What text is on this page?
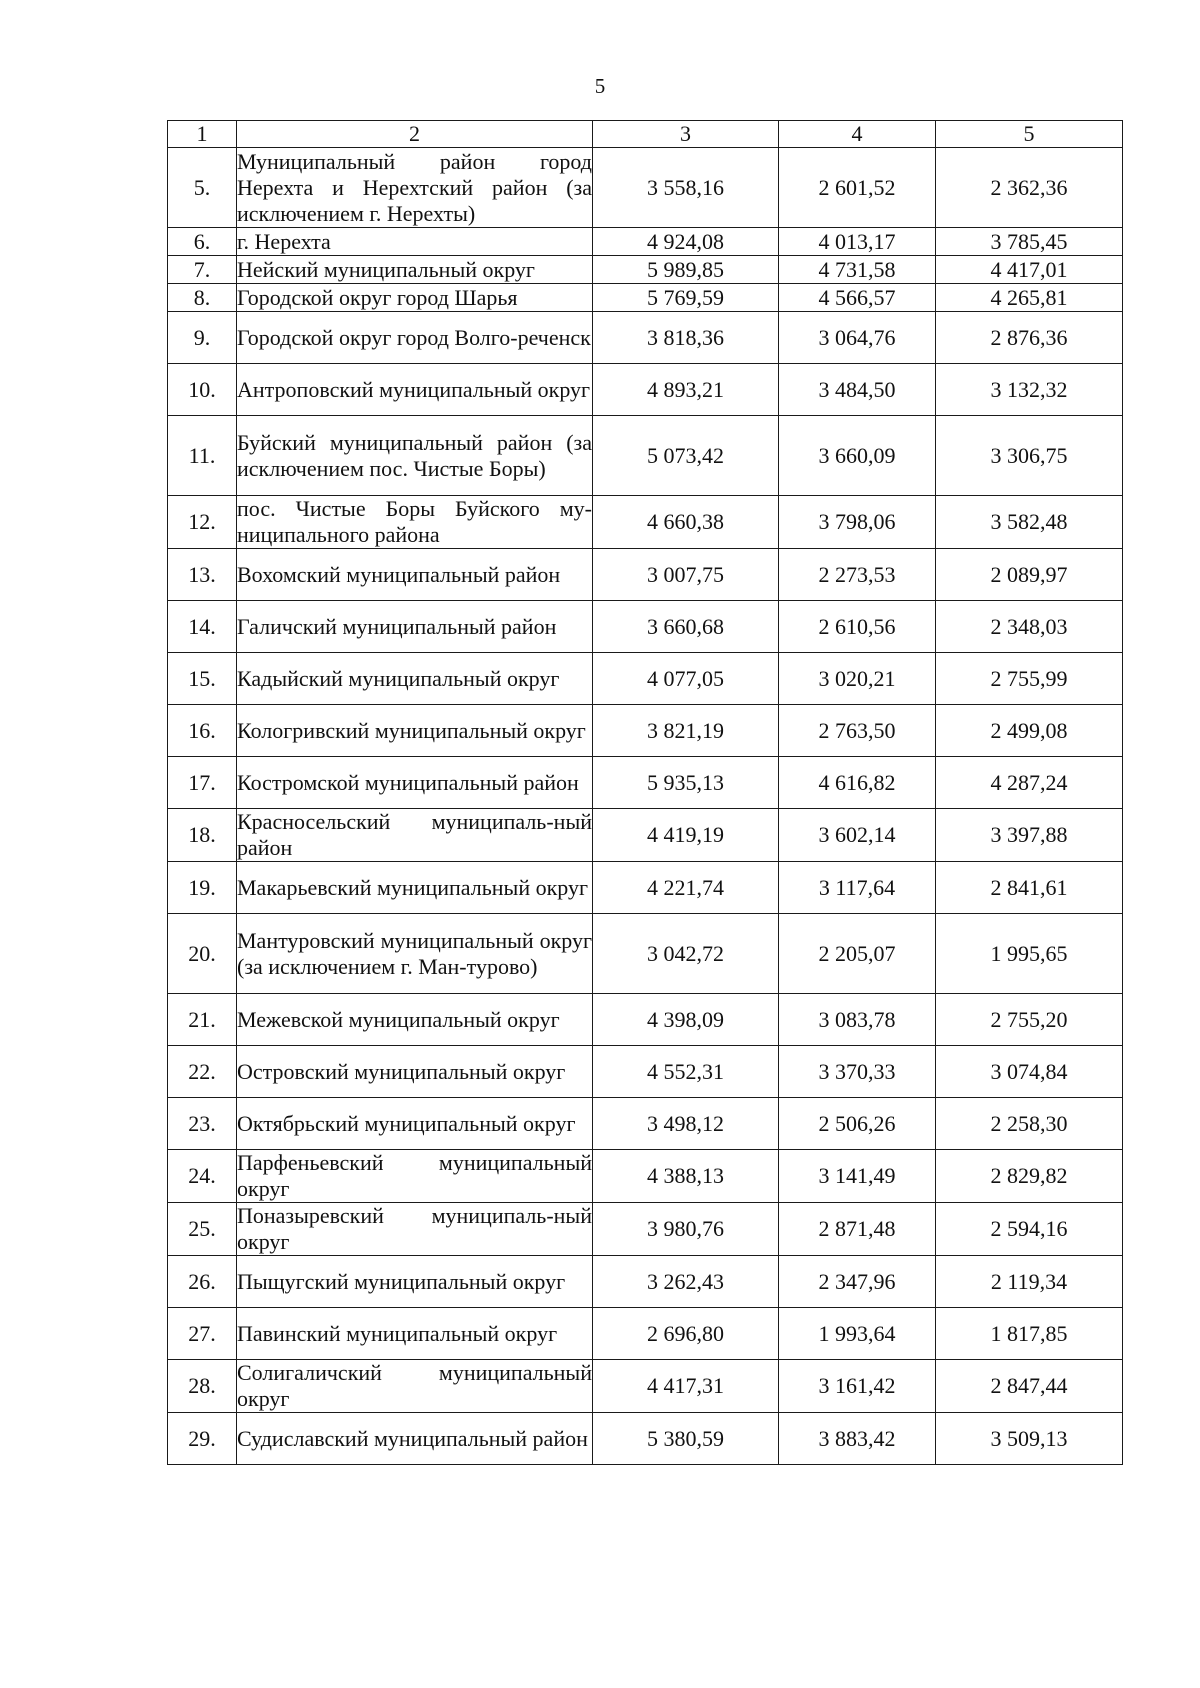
5
1	2	3	4	5
5.	Муниципальный район город Нерехта и Нерехтский район (за исключением г. Нерехты)	3 558,16	2 601,52	2 362,36
6.	г. Нерехта	4 924,08	4 013,17	3 785,45
7.	Нейский муниципальный округ	5 989,85	4 731,58	4 417,01
8.	Городской округ город Шарья	5 769,59	4 566,57	4 265,81
9.	Городской округ город Волго-реченск	3 818,36	3 064,76	2 876,36
10.	Антроповский муниципальный округ	4 893,21	3 484,50	3 132,32
11.	Буйский муниципальный район (за исключением пос. Чистые Боры)	5 073,42	3 660,09	3 306,75
12.	пос. Чистые Боры Буйского му-ниципального района	4 660,38	3 798,06	3 582,48
13.	Вохомский муниципальный район	3 007,75	2 273,53	2 089,97
14.	Галичский муниципальный район	3 660,68	2 610,56	2 348,03
15.	Кадыйский муниципальный округ	4 077,05	3 020,21	2 755,99
16.	Кологривский муниципальный округ	3 821,19	2 763,50	2 499,08
17.	Костромской муниципальный район	5 935,13	4 616,82	4 287,24
18.	Красносельский муниципаль-ный район	4 419,19	3 602,14	3 397,88
19.	Макарьевский муниципальный округ	4 221,74	3 117,64	2 841,61
20.	Мантуровский муниципальный округ (за исключением г. Ман-турово)	3 042,72	2 205,07	1 995,65
21.	Межевской муниципальный округ	4 398,09	3 083,78	2 755,20
22.	Островский муниципальный округ	4 552,31	3 370,33	3 074,84
23.	Октябрьский муниципальный округ	3 498,12	2 506,26	2 258,30
24.	Парфеньевский муниципальный округ	4 388,13	3 141,49	2 829,82
25.	Поназыревский муниципаль-ный округ	3 980,76	2 871,48	2 594,16
26.	Пыщугский муниципальный округ	3 262,43	2 347,96	2 119,34
27.	Павинский муниципальный округ	2 696,80	1 993,64	1 817,85
28.	Солигаличский муниципальный округ	4 417,31	3 161,42	2 847,44
29.	Судиславский муниципальный район	5 380,59	3 883,42	3 509,13
